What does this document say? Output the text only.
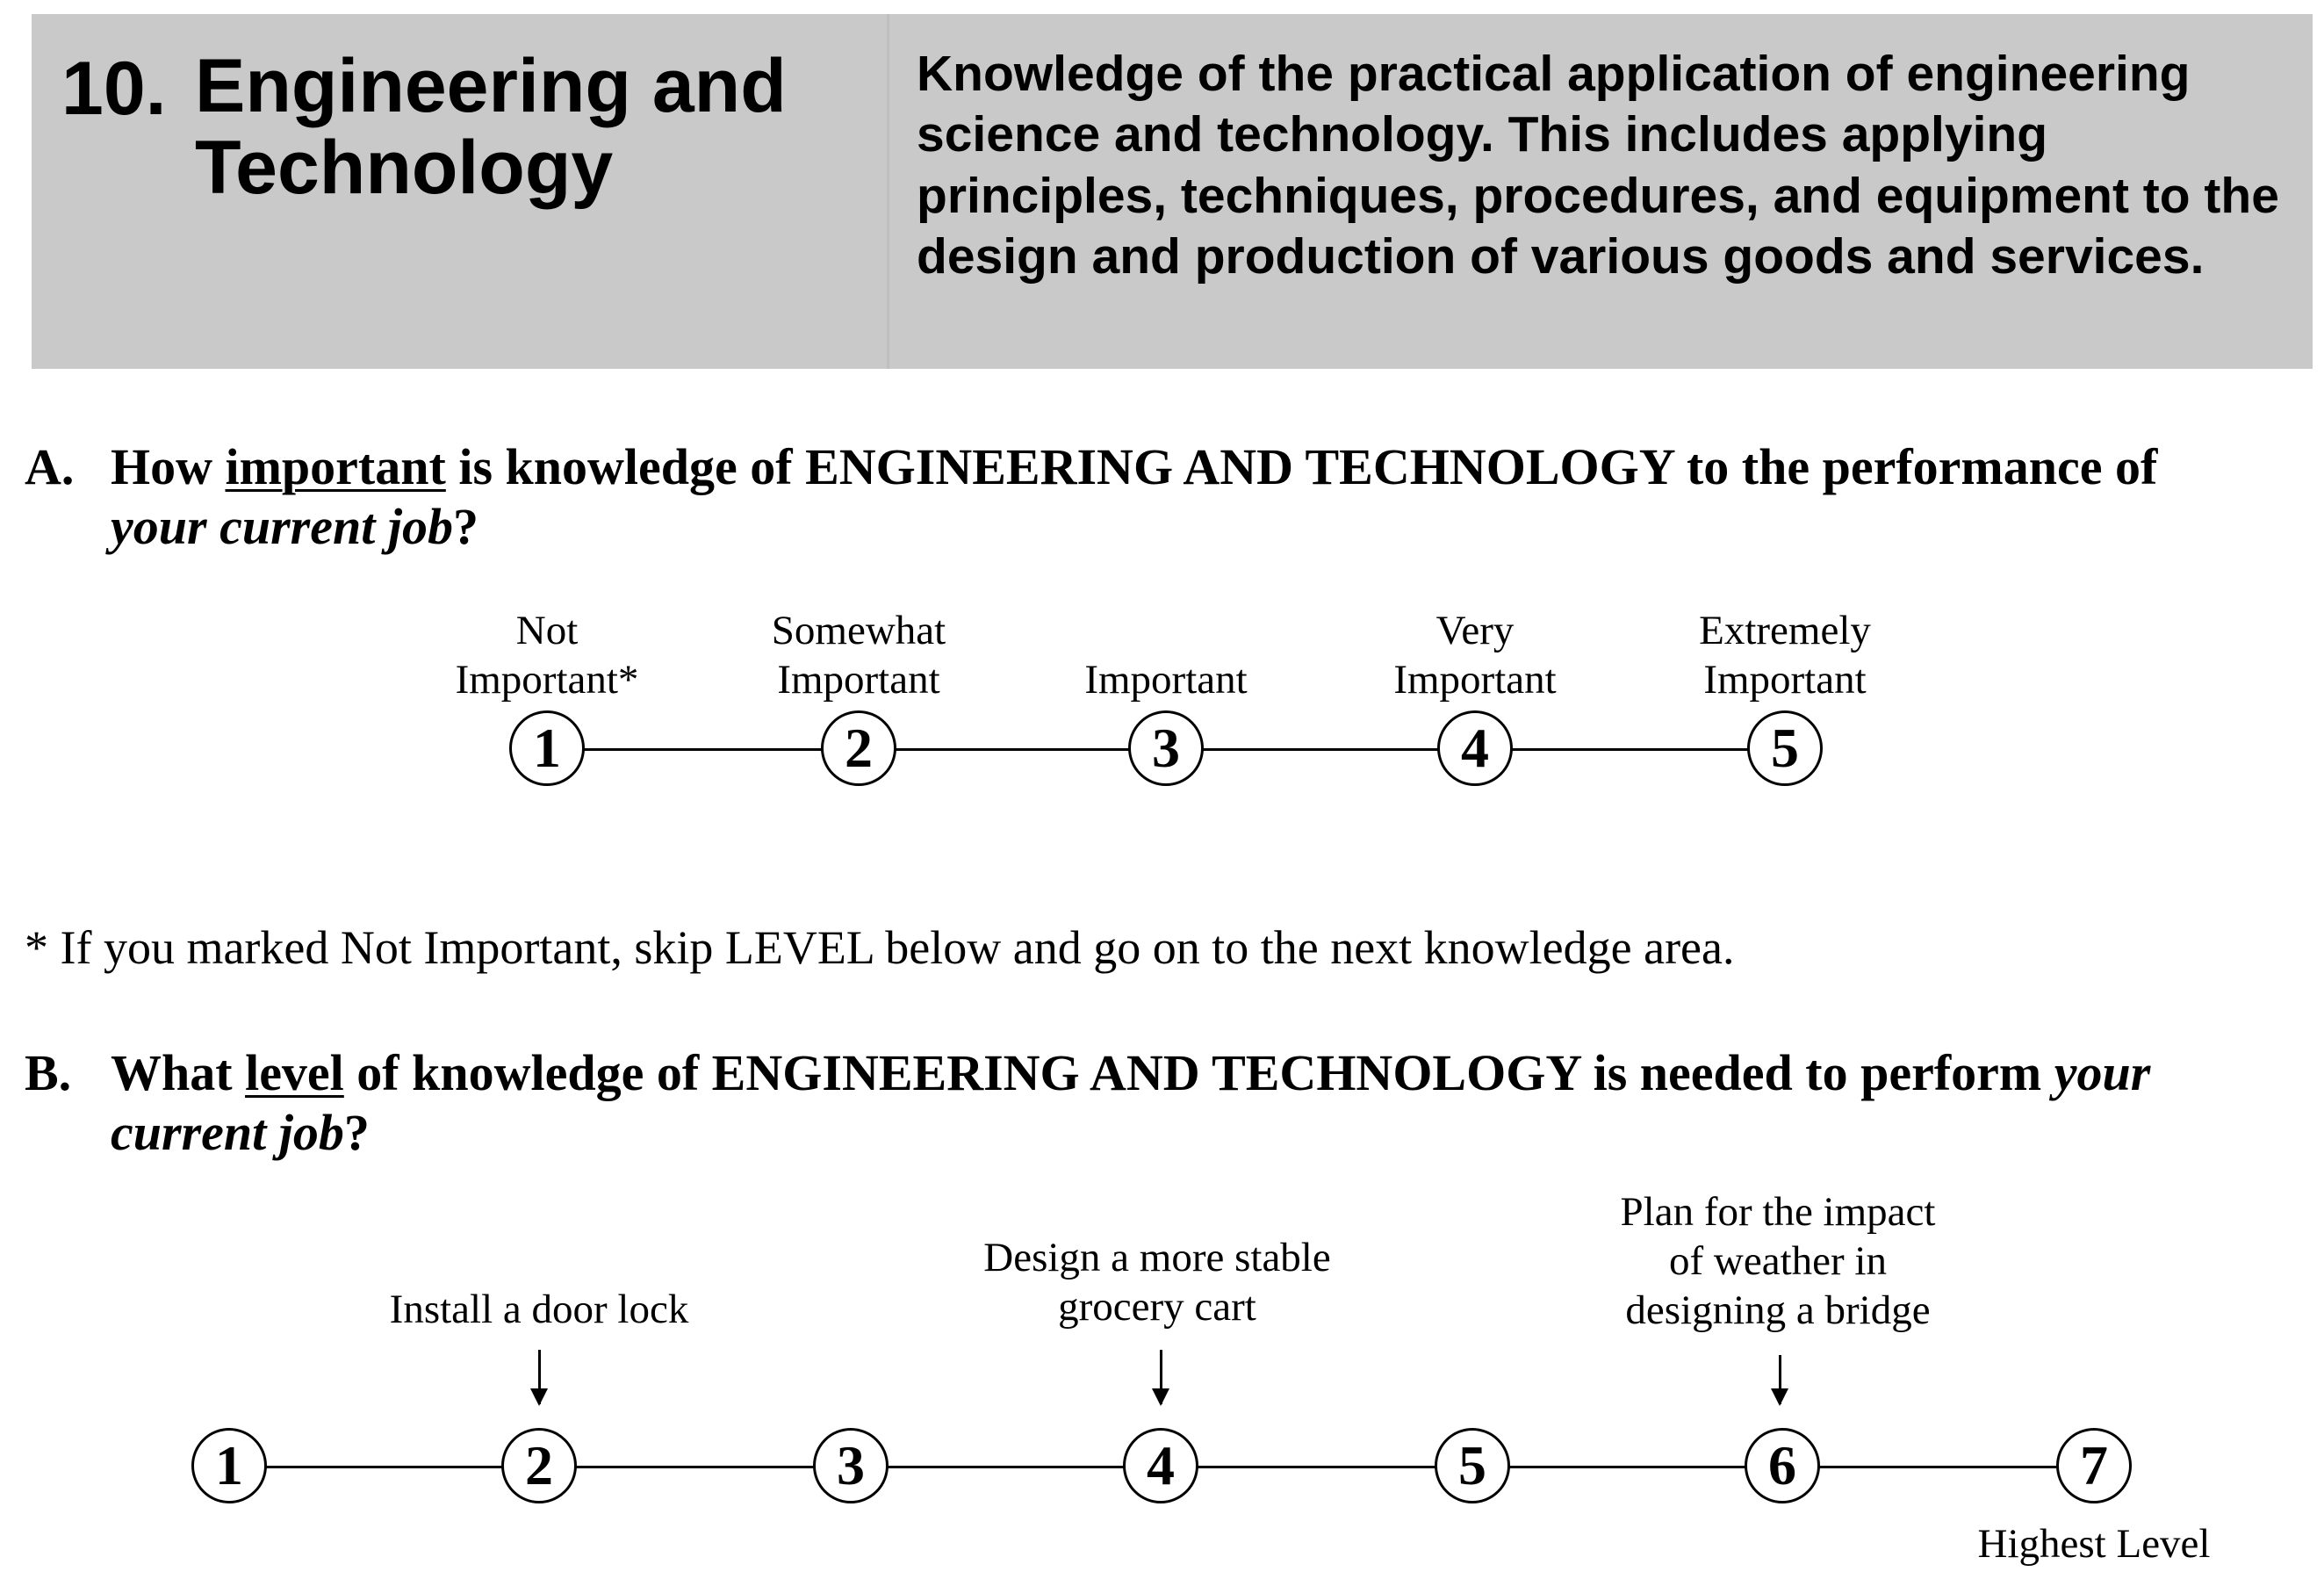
10. Engineering and
Technology
Knowledge of the practical application of engineering science and technology. This includes applying principles, techniques, procedures, and equipment to the design and production of various goods and services.
A. How important is knowledge of ENGINEERING AND TECHNOLOGY to the performance of your current job?
Not
Important*
Somewhat
Important	Important
Very
Important
Extremely
Important
1	2	3	4	5
* If you marked Not Important, skip LEVEL below and go on to the next knowledge area.
B. What level of knowledge of ENGINEERING AND TECHNOLOGY is needed to perform your current job?
Install a door lock
Design a more stable
grocery cart
Plan for the impact
of weather in
designing a bridge
1	2	3	4	5	6	7
Highest Level
